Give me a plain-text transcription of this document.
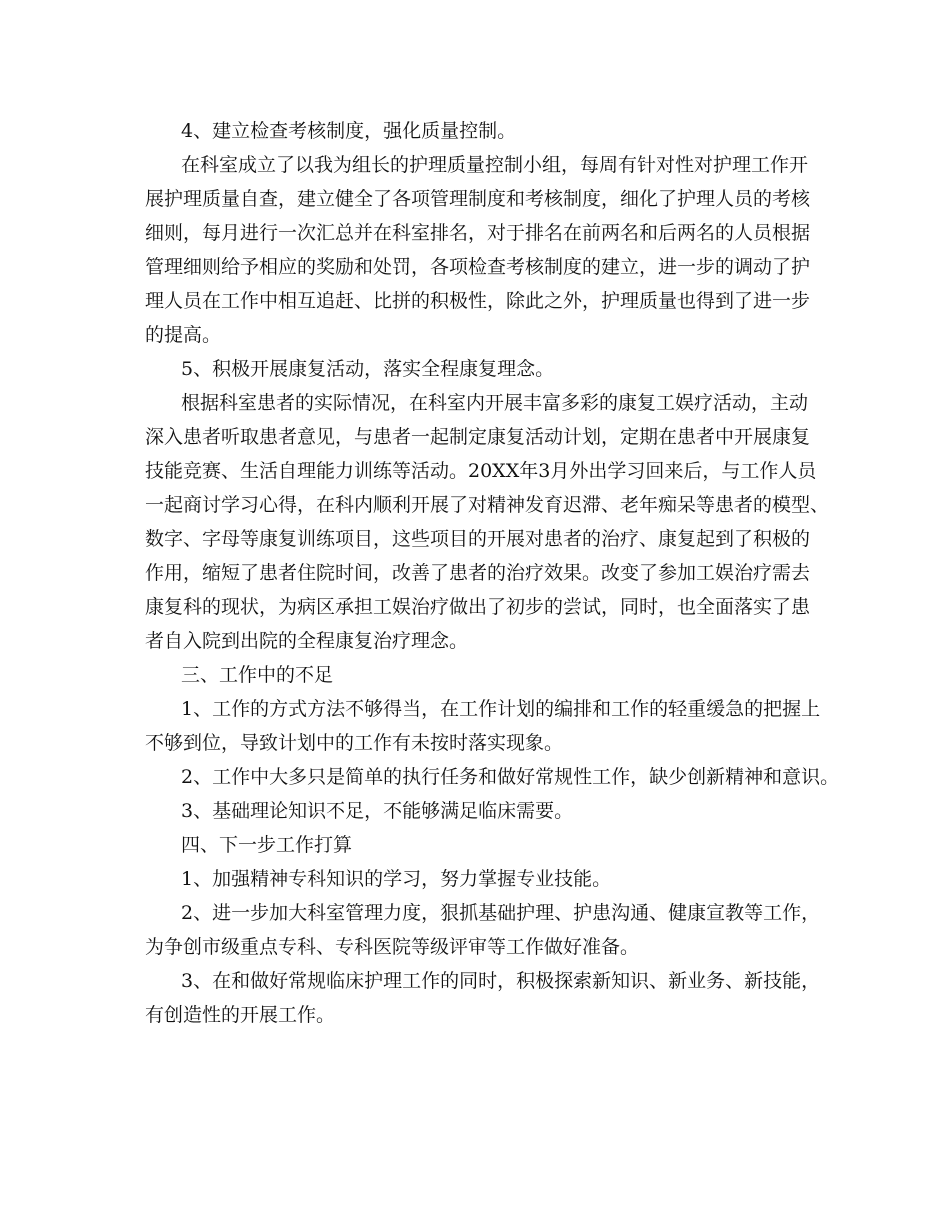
4、建立检查考核制度，强化质量控制。

在科室成立了以我为组长的护理质量控制小组，每周有针对性对护理工作开

展护理质量自查，建立健全了各项管理制度和考核制度，细化了护理人员的考核

细则，每月进行一次汇总并在科室排名，对于排名在前两名和后两名的人员根据

管理细则给予相应的奖励和处罚，各项检查考核制度的建立，进一步的调动了护

理人员在工作中相互追赶、比拼的积极性，除此之外，护理质量也得到了进一步

的提高。

5、积极开展康复活动，落实全程康复理念。

根据科室患者的实际情况，在科室内开展丰富多彩的康复工娱疗活动，主动

深入患者听取患者意见，与患者一起制定康复活动计划，定期在患者中开展康复

技能竞赛、生活自理能力训练等活动。20XX年3月外出学习回来后，与工作人员

一起商讨学习心得，在科内顺利开展了对精神发育迟滞、老年痴呆等患者的模型、

数字、字母等康复训练项目，这些项目的开展对患者的治疗、康复起到了积极的

作用，缩短了患者住院时间，改善了患者的治疗效果。改变了参加工娱治疗需去

康复科的现状，为病区承担工娱治疗做出了初步的尝试，同时，也全面落实了患

者自入院到出院的全程康复治疗理念。

三、工作中的不足

1、工作的方式方法不够得当，在工作计划的编排和工作的轻重缓急的把握上

不够到位，导致计划中的工作有未按时落实现象。

2、工作中大多只是简单的执行任务和做好常规性工作，缺少创新精神和意识。

3、基础理论知识不足，不能够满足临床需要。

四、下一步工作打算

1、加强精神专科知识的学习，努力掌握专业技能。

2、进一步加大科室管理力度，狠抓基础护理、护患沟通、健康宣教等工作，

为争创市级重点专科、专科医院等级评审等工作做好准备。

3、在和做好常规临床护理工作的同时，积极探索新知识、新业务、新技能，

有创造性的开展工作。
